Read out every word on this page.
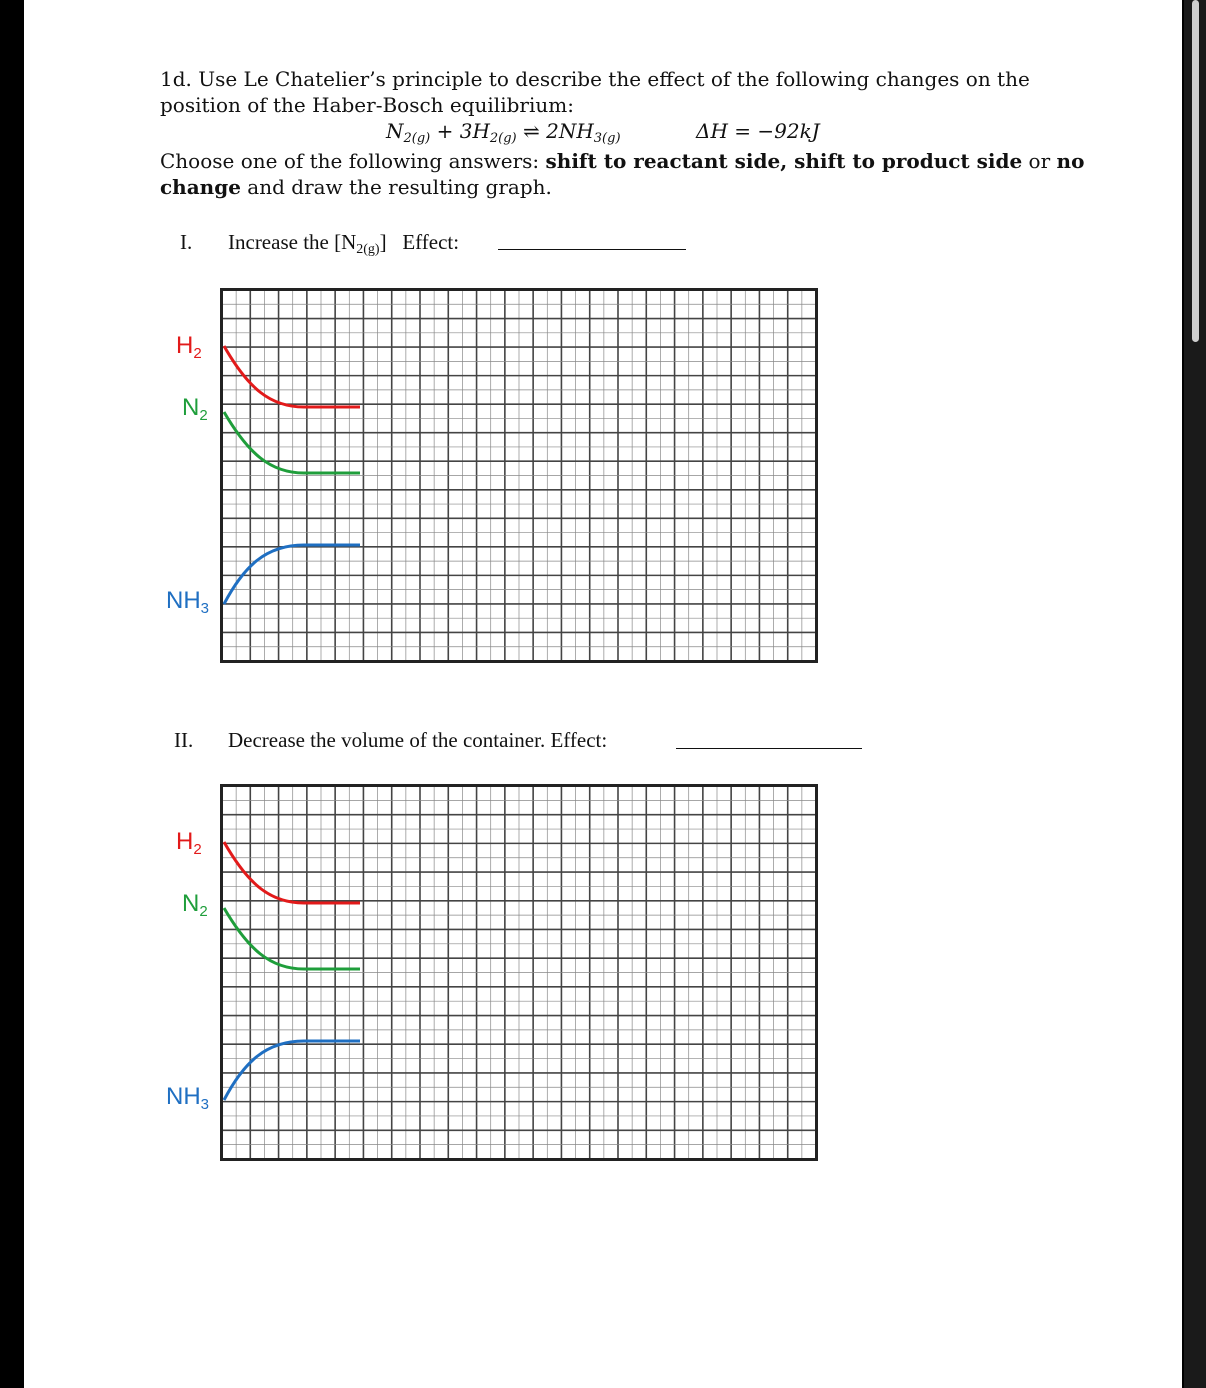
1d. Use Le Chatelier’s principle to describe the effect of the following changes on the
position of the Haber-Bosch equilibrium:
$N_{2(g)} + 3H_{2(g)}$ ⇌ $2NH_{3(g)}$	ΔH = −92kJ
Choose one of the following answers: shift to reactant side, shift to product side or no
change and draw the resulting graph.
I. Increase the $[N_{2(g)}]$   Effect:
II. Decrease the volume of the container. Effect:
$H_2$
$N_2$
$NH_3$
$H_2$
$N_2$
$NH_3$
